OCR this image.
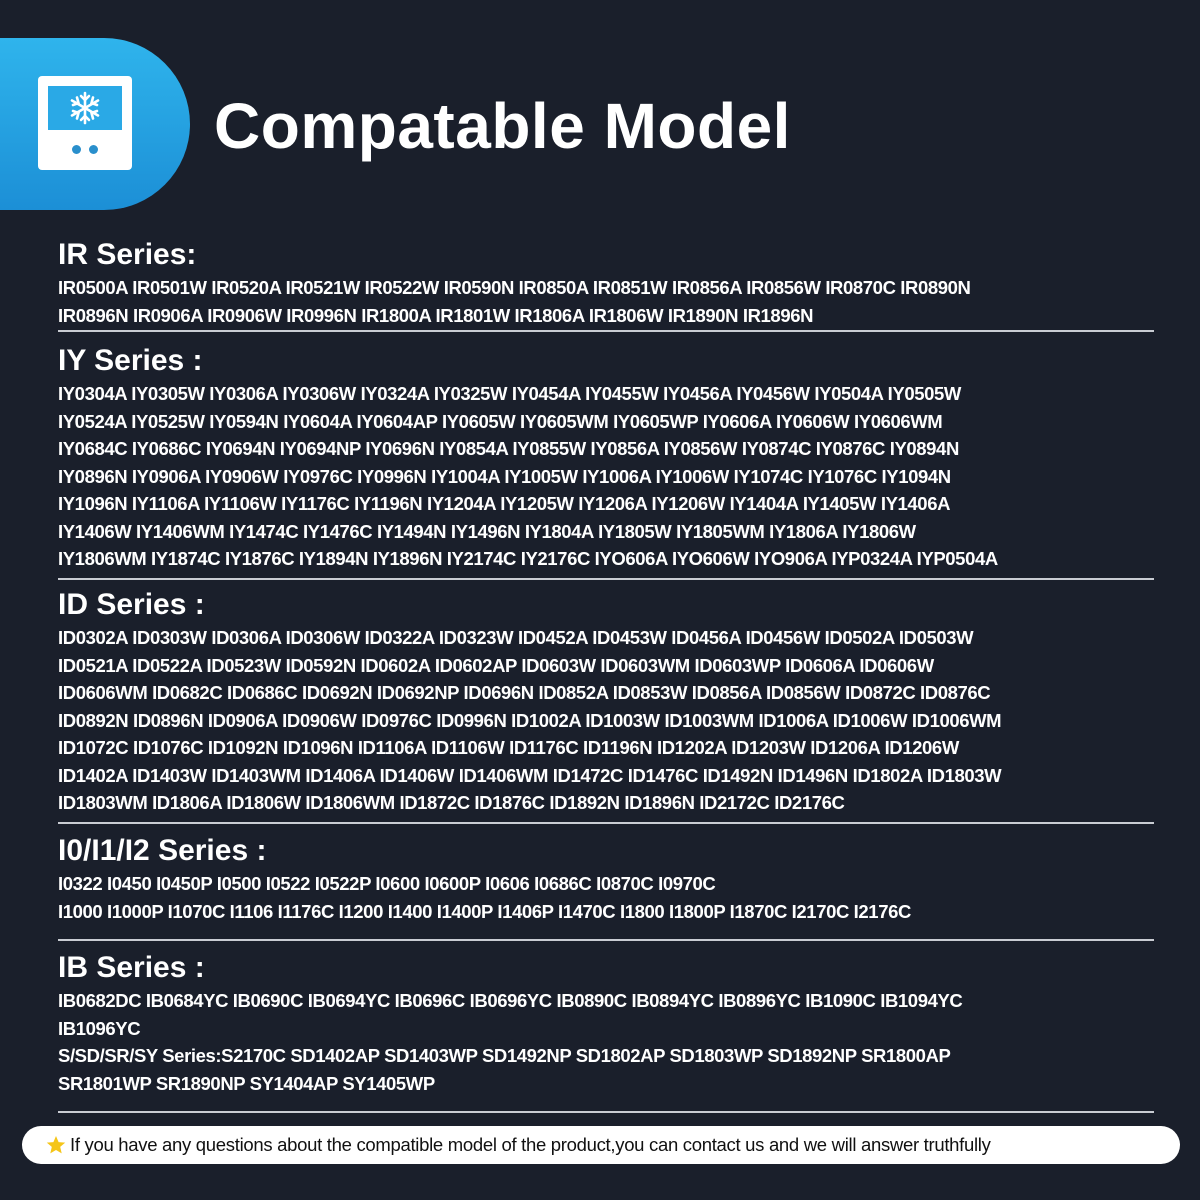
Compatable Model
IR Series:
IR0500A IR0501W IR0520A IR0521W IR0522W IR0590N IR0850A IR0851W IR0856A IR0856W IR0870C IR0890N
IR0896N IR0906A IR0906W IR0996N IR1800A IR1801W IR1806A IR1806W IR1890N IR1896N
IY Series :
IY0304A IY0305W IY0306A IY0306W IY0324A IY0325W IY0454A IY0455W IY0456A IY0456W IY0504A IY0505W
IY0524A IY0525W IY0594N IY0604A IY0604AP IY0605W IY0605WM IY0605WP IY0606A IY0606W IY0606WM
IY0684C IY0686C IY0694N IY0694NP IY0696N IY0854A IY0855W IY0856A IY0856W IY0874C IY0876C IY0894N
IY0896N IY0906A IY0906W IY0976C IY0996N IY1004A IY1005W IY1006A IY1006W IY1074C IY1076C IY1094N
IY1096N IY1106A IY1106W IY1176C IY1196N IY1204A IY1205W IY1206A IY1206W IY1404A IY1405W IY1406A
IY1406W IY1406WM IY1474C IY1476C IY1494N IY1496N IY1804A IY1805W IY1805WM IY1806A IY1806W
IY1806WM IY1874C IY1876C IY1894N IY1896N IY2174C IY2176C IYO606A IYO606W IYO906A IYP0324A IYP0504A
ID Series :
ID0302A ID0303W ID0306A ID0306W ID0322A ID0323W ID0452A ID0453W ID0456A ID0456W ID0502A ID0503W
ID0521A ID0522A ID0523W ID0592N ID0602A ID0602AP ID0603W ID0603WM ID0603WP ID0606A ID0606W
ID0606WM ID0682C ID0686C ID0692N ID0692NP ID0696N ID0852A ID0853W ID0856A ID0856W ID0872C ID0876C
ID0892N ID0896N ID0906A ID0906W ID0976C ID0996N ID1002A ID1003W ID1003WM ID1006A ID1006W ID1006WM
ID1072C ID1076C ID1092N ID1096N ID1106A ID1106W ID1176C ID1196N ID1202A ID1203W ID1206A ID1206W
ID1402A ID1403W ID1403WM ID1406A ID1406W ID1406WM ID1472C ID1476C ID1492N ID1496N ID1802A ID1803W
ID1803WM ID1806A ID1806W ID1806WM ID1872C ID1876C ID1892N ID1896N ID2172C ID2176C
I0/I1/I2 Series :
I0322 I0450 I0450P I0500 I0522 I0522P I0600 I0600P I0606 I0686C I0870C I0970C
I1000 I1000P I1070C I1106 I1176C I1200 I1400 I1400P I1406P I1470C I1800 I1800P I1870C I2170C I2176C
IB Series :
IB0682DC IB0684YC IB0690C IB0694YC IB0696C IB0696YC IB0890C IB0894YC IB0896YC IB1090C IB1094YC
IB1096YC
S/SD/SR/SY Series:S2170C SD1402AP SD1403WP SD1492NP SD1802AP SD1803WP SD1892NP SR1800AP
SR1801WP SR1890NP SY1404AP SY1405WP
If you have any questions about the compatible model of the product,you can contact us and we will answer truthfully
